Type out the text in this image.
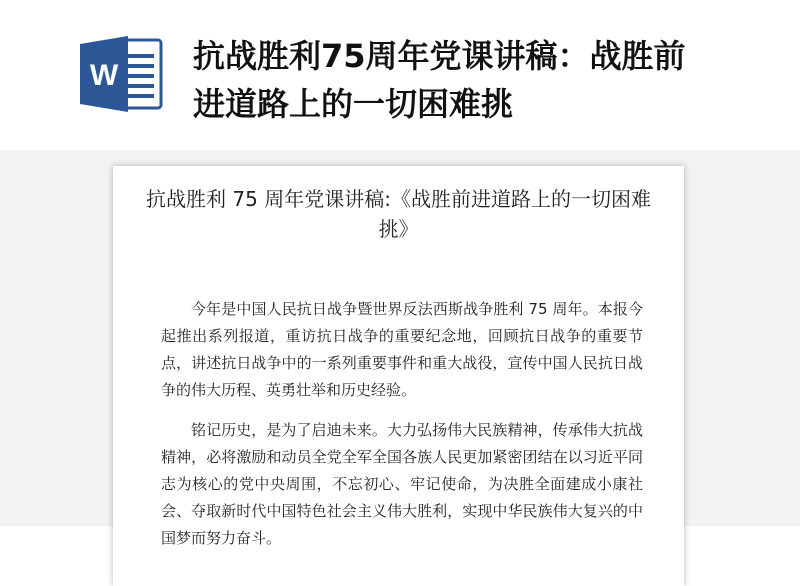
W
抗战胜利75周年党课讲稿：战胜前进道路上的一切困难挑
抗战胜利 75 周年党课讲稿:《战胜前进道路上的一切困难挑》

今年是中国人民抗日战争暨世界反法西斯战争胜利 75 周年。本报今起推出系列报道，重访抗日战争的重要纪念地，回顾抗日战争的重要节点，讲述抗日战争中的一系列重要事件和重大战役，宣传中国人民抗日战争的伟大历程、英勇壮举和历史经验。

铭记历史，是为了启迪未来。大力弘扬伟大民族精神，传承伟大抗战精神，必将激励和动员全党全军全国各族人民更加紧密团结在以习近平同志为核心的党中央周围，不忘初心、牢记使命，为决胜全面建成小康社会、夺取新时代中国特色社会主义伟大胜利，实现中华民族伟大复兴的中国梦而努力奋斗。
